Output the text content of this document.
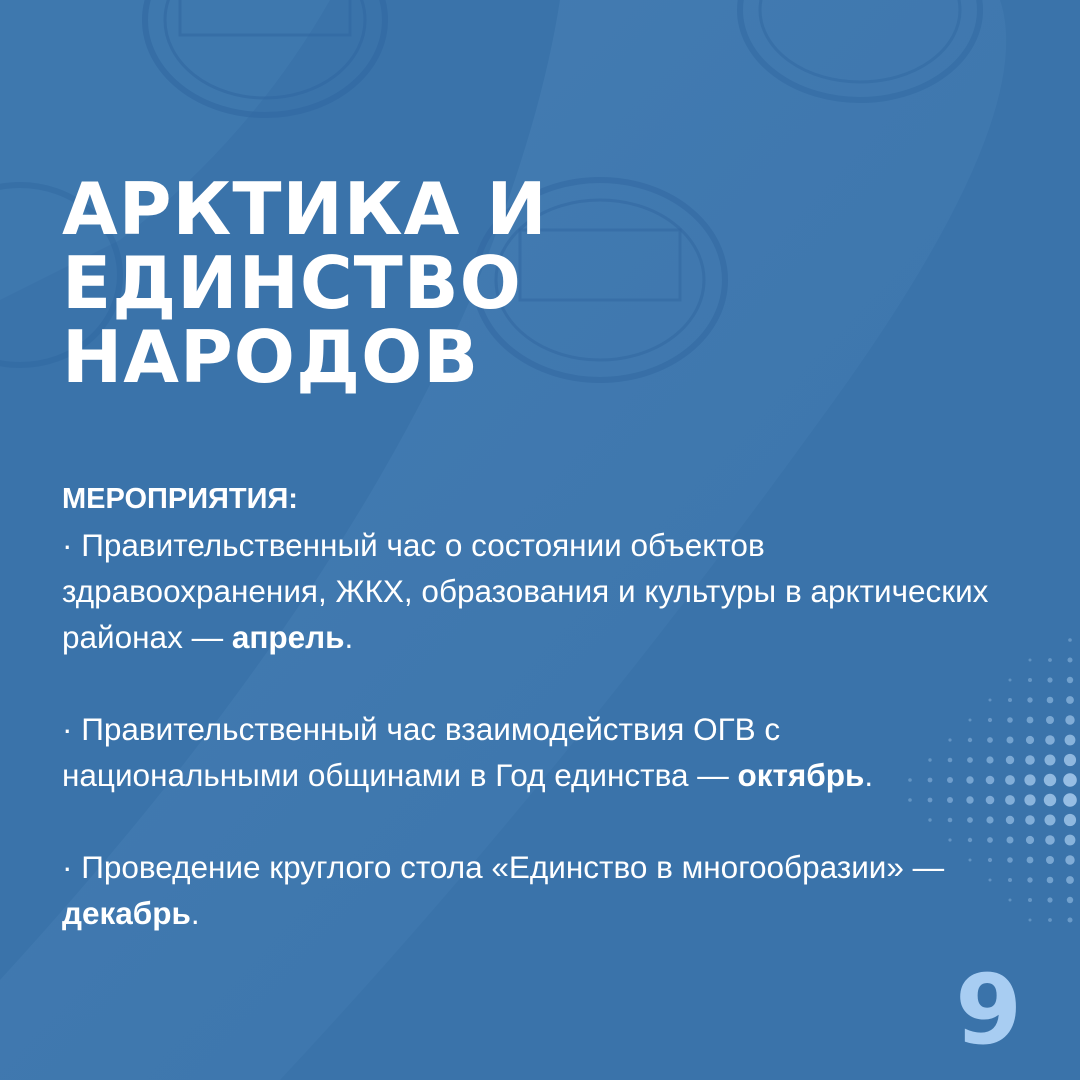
АРКТИКА И
ЕДИНСТВО
НАРОДОВ
МЕРОПРИЯТИЯ:

· Правительственный час о состоянии объектов здравоохранения, ЖКХ, образования и культуры в арктических районах — апрель.

· Правительственный час взаимодействия ОГВ с национальными общинами в Год единства — октябрь.

· Проведение круглого стола «Единство в многообразии» — декабрь.

9
